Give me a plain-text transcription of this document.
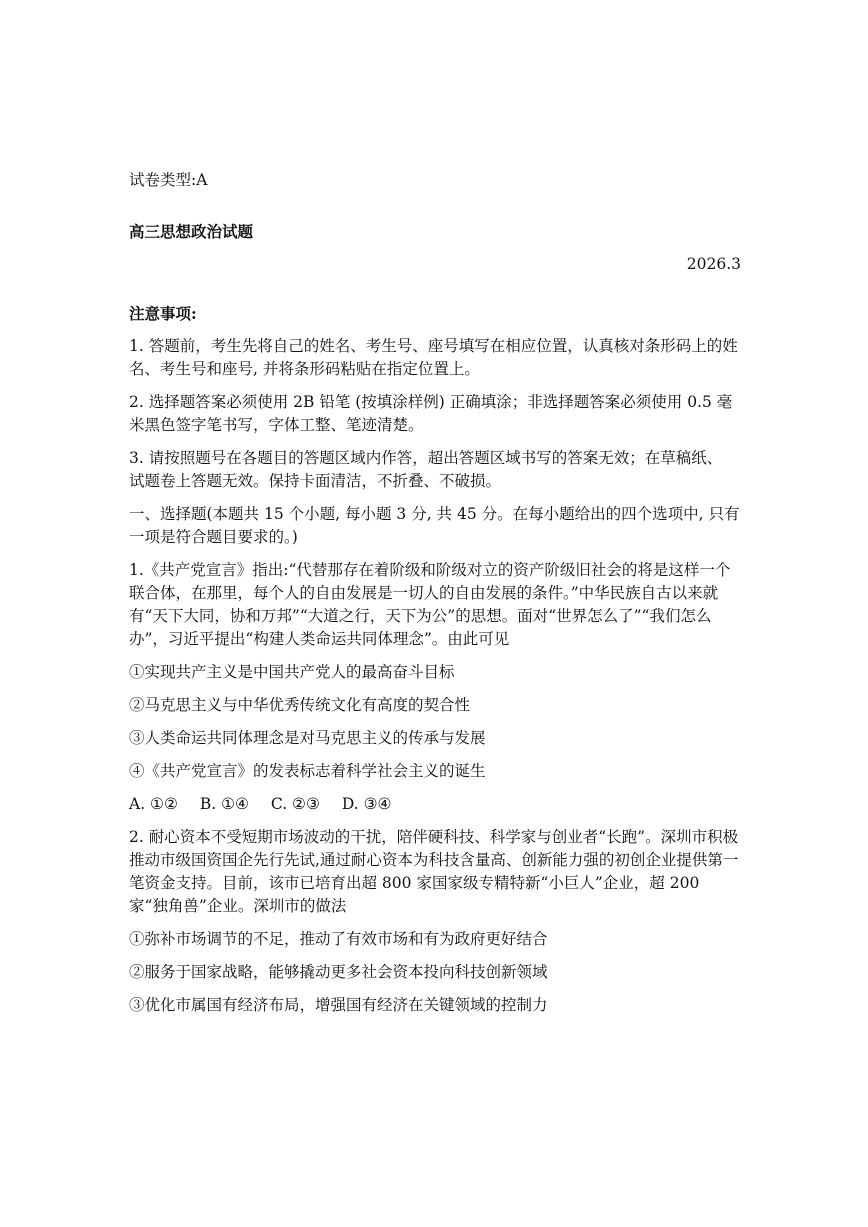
试卷类型:A

高三思想政治试题

2026.3

注意事项:

1. 答题前，考生先将自己的姓名、考生号、座号填写在相应位置，认真核对条形码上的姓名、考生号和座号, 并将条形码粘贴在指定位置上。

2. 选择题答案必须使用 2B 铅笔 (按填涂样例) 正确填涂；非选择题答案必须使用 0.5 毫米黑色签字笔书写，字体工整、笔迹清楚。

3. 请按照题号在各题目的答题区域内作答，超出答题区域书写的答案无效；在草稿纸、 试题卷上答题无效。保持卡面清洁，不折叠、不破损。

一、选择题(本题共 15 个小题, 每小题 3 分, 共 45 分。在每小题给出的四个选项中, 只有一项是符合题目要求的。)

1.《共产党宣言》指出:“代替那存在着阶级和阶级对立的资产阶级旧社会的将是这样一个联合体，在那里，每个人的自由发展是一切人的自由发展的条件。”中华民族自古以来就有“天下大同，协和万邦”“大道之行，天下为公”的思想。面对“世界怎么了”“我们怎么办”，习近平提出“构建人类命运共同体理念”。由此可见

①实现共产主义是中国共产党人的最高奋斗目标

②马克思主义与中华优秀传统文化有高度的契合性

③人类命运共同体理念是对马克思主义的传承与发展

④《共产党宣言》的发表标志着科学社会主义的诞生

A. ①② B. ①④ C. ②③ D. ③④

2. 耐心资本不受短期市场波动的干扰，陪伴硬科技、科学家与创业者“长跑”。深圳市积极推动市级国资国企先行先试,通过耐心资本为科技含量高、创新能力强的初创企业提供第一笔资金支持。目前，该市已培育出超 800 家国家级专精特新“小巨人”企业，超 200 家“独角兽”企业。深圳市的做法

①弥补市场调节的不足，推动了有效市场和有为政府更好结合

②服务于国家战略，能够撬动更多社会资本投向科技创新领域

③优化市属国有经济布局，增强国有经济在关键领域的控制力
